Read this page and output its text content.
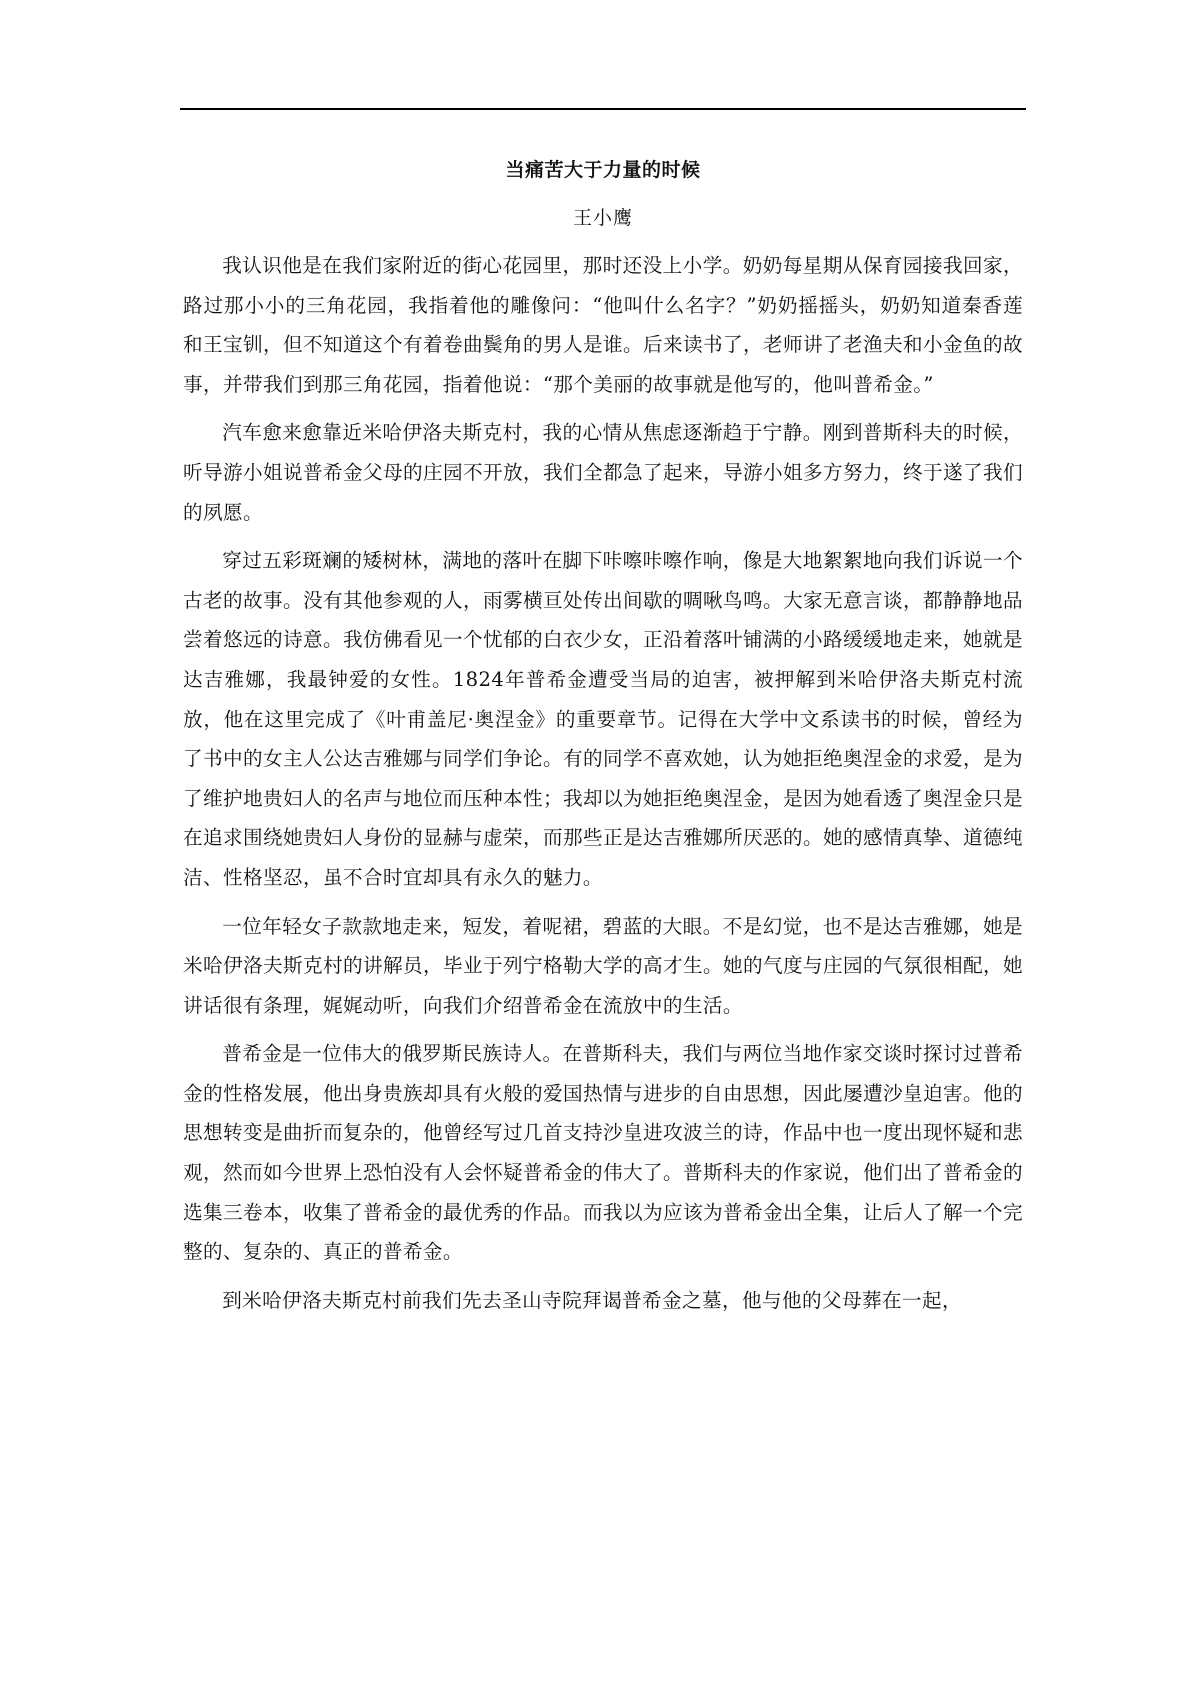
当痛苦大于力量的时候
王小鹰

我认识他是在我们家附近的街心花园里，那时还没上小学。奶奶每星期从保育园接我回家，路过那小小的三角花园，我指着他的雕像问：“他叫什么名字？”奶奶摇摇头，奶奶知道秦香莲和王宝钏，但不知道这个有着卷曲鬓角的男人是谁。后来读书了，老师讲了老渔夫和小金鱼的故事，并带我们到那三角花园，指着他说：“那个美丽的故事就是他写的，他叫普希金。”

汽车愈来愈靠近米哈伊洛夫斯克村，我的心情从焦虑逐渐趋于宁静。刚到普斯科夫的时候，听导游小姐说普希金父母的庄园不开放，我们全都急了起来，导游小姐多方努力，终于遂了我们的夙愿。

穿过五彩斑斓的矮树林，满地的落叶在脚下咔嚓咔嚓作响，像是大地絮絮地向我们诉说一个古老的故事。没有其他参观的人，雨雾横亘处传出间歇的啁啾鸟鸣。大家无意言谈，都静静地品尝着悠远的诗意。我仿佛看见一个忧郁的白衣少女，正沿着落叶铺满的小路缓缓地走来，她就是达吉雅娜，我最钟爱的女性。1824年普希金遭受当局的迫害，被押解到米哈伊洛夫斯克村流放，他在这里完成了《叶甫盖尼·奥涅金》的重要章节。记得在大学中文系读书的时候，曾经为了书中的女主人公达吉雅娜与同学们争论。有的同学不喜欢她，认为她拒绝奥涅金的求爱，是为了维护地贵妇人的名声与地位而压种本性；我却以为她拒绝奥涅金，是因为她看透了奥涅金只是在追求围绕她贵妇人身份的显赫与虚荣，而那些正是达吉雅娜所厌恶的。她的感情真挚、道德纯洁、性格坚忍，虽不合时宜却具有永久的魅力。

一位年轻女子款款地走来，短发，着呢裙，碧蓝的大眼。不是幻觉，也不是达吉雅娜，她是米哈伊洛夫斯克村的讲解员，毕业于列宁格勒大学的高才生。她的气度与庄园的气氛很相配，她讲话很有条理，娓娓动听，向我们介绍普希金在流放中的生活。

普希金是一位伟大的俄罗斯民族诗人。在普斯科夫，我们与两位当地作家交谈时探讨过普希金的性格发展，他出身贵族却具有火般的爱国热情与进步的自由思想，因此屡遭沙皇迫害。他的思想转变是曲折而复杂的，他曾经写过几首支持沙皇进攻波兰的诗，作品中也一度出现怀疑和悲观，然而如今世界上恐怕没有人会怀疑普希金的伟大了。普斯科夫的作家说，他们出了普希金的选集三卷本，收集了普希金的最优秀的作品。而我以为应该为普希金出全集，让后人了解一个完整的、复杂的、真正的普希金。

到米哈伊洛夫斯克村前我们先去圣山寺院拜谒普希金之墓，他与他的父母葬在一起，
